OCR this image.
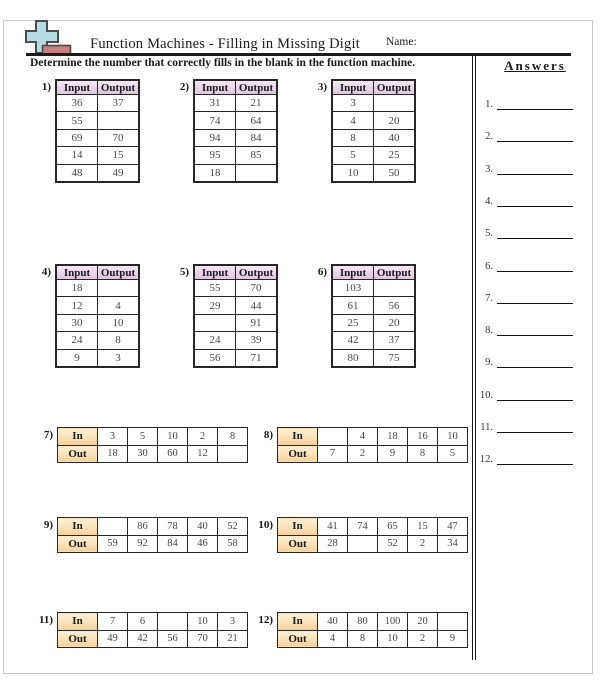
Function Machines - Filling in Missing Digit	Name:
Determine the number that correctly fills in the blank in the function machine.	Answers
1.
2.
3.
4.
5.
6.
7.
8.
9.
10.
11.
12.
1) Input	Output
36	37
55	
69	70
14	15
48	49
2) Input	Output
31	21
74	64
94	84
95	85
18	
3) Input	Output
3	
4	20
8	40
5	25
10	50
4) Input	Output
18	
12	4
30	10
24	8
9	3
5) Input	Output
55	70
29	44
	91
24	39
56	71
6) Input	Output
103	
61	56
25	20
42	37
80	75
7) In	3	5	10	2	8
Out	18	30	60	12	
8) In		4	18	16	10
Out	7	2	9	8	5
9) In		86	78	40	52
Out	59	92	84	46	58
10) In	41	74	65	15	47
Out	28		52	2	34
11) In	7	6		10	3
Out	49	42	56	70	21
12) In	40	80	100	20	
Out	4	8	10	2	9
